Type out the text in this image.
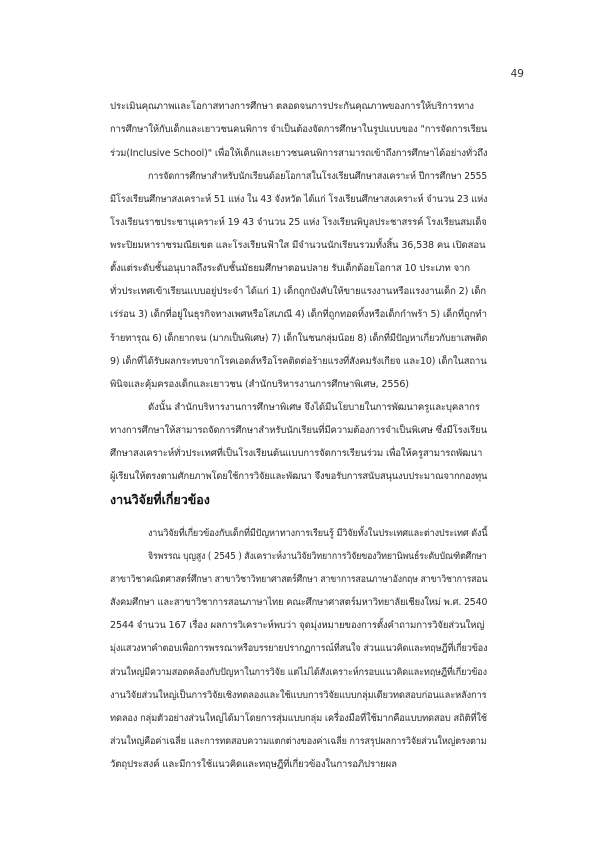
49
ประเมินคุณภาพและโอกาสทางการศึกษา ตลอดจนการประกันคุณภาพของการให้บริการทาง
การศึกษาให้กับเด็กและเยาวชนคนพิการ จำเป็นต้องจัดการศึกษาในรูปแบบของ "การจัดการเรียน
ร่วม(Inclusive School)" เพื่อให้เด็กและเยาวชนคนพิการสามารถเข้าถึงการศึกษาได้อย่างทั่วถึง
การจัดการศึกษาสำหรับนักเรียนด้อยโอกาสในโรงเรียนศึกษาสงเคราะห์ ปีการศึกษา 2555
มีโรงเรียนศึกษาสงเคราะห์ 51 แห่ง ใน 43 จังหวัด ได้แก่ โรงเรียนศึกษาสงเคราะห์ จำนวน 23 แห่ง
โรงเรียนราชประชานุเคราะห์ 19 43 จำนวน 25 แห่ง โรงเรียนพิบูลประชาสรรค์ โรงเรียนสมเด็จ
พระปิยมหาราชรมณียเขต และโรงเรียนฟ้าใส มีจำนวนนักเรียนรวมทั้งสิ้น 36,538 คน เปิดสอน
ตั้งแต่ระดับชั้นอนุบาลถึงระดับชั้นมัธยมศึกษาตอนปลาย รับเด็กด้อยโอกาส 10 ประเภท จาก
ทั่วประเทศเข้าเรียนแบบอยู่ประจำ ได้แก่ 1) เด็กถูกบังคับให้ขายแรงงานหรือแรงงานเด็ก 2) เด็ก
เร่ร่อน 3) เด็กที่อยู่ในธุรกิจทางเพศหรือโสเภณี 4) เด็กที่ถูกทอดทิ้งหรือเด็กกำพร้า 5) เด็กที่ถูกทำ
ร้ายทารุณ 6) เด็กยากจน (มากเป็นพิเศษ) 7) เด็กในชนกลุ่มน้อย 8) เด็กที่มีปัญหาเกี่ยวกับยาเสพติด
9) เด็กที่ได้รับผลกระทบจากโรคเอดส์หรือโรคติดต่อร้ายแรงที่สังคมรังเกียจ และ10) เด็กในสถาน
พินิจและคุ้มครองเด็กและเยาวชน (สำนักบริหารงานการศึกษาพิเศษ, 2556)
ดังนั้น สำนักบริหารงานการศึกษาพิเศษ จึงได้มีนโยบายในการพัฒนาครูและบุคลากร
ทางการศึกษาให้สามารถจัดการศึกษาสำหรับนักเรียนที่มีความต้องการจำเป็นพิเศษ ซึ่งมีโรงเรียน
ศึกษาสงเคราะห์ทั่วประเทศที่เป็นโรงเรียนต้นแบบการจัดการเรียนร่วม เพื่อให้ครูสามารถพัฒนา
ผู้เรียนให้ตรงตามศักยภาพโดยใช้การวิจัยและพัฒนา จึงขอรับการสนับสนุนงบประมาณจากกองทุน
งานวิจัยที่เกี่ยวข้อง
งานวิจัยที่เกี่ยวข้องกับเด็กที่มีปัญหาทางการเรียนรู้ มีวิจัยทั้งในประเทศและต่างประเทศ ดังนี้
จิรพรรณ บุญสูง ( 2545 ) สังเคราะห์งานวิจัยวิทยาการวิจัยของวิทยานิพนธ์ระดับบัณฑิตศึกษา
สาขาวิชาคณิตศาสตร์ศึกษา สาขาวิชาวิทยาศาสตร์ศึกษา สาขาการสอนภาษาอังกฤษ สาขาวิชาการสอน
สังคมศึกษา และสาขาวิชาการสอนภาษาไทย คณะศึกษาศาสตร์มหาวิทยาลัยเชียงใหม่ พ.ศ. 2540
2544 จำนวน 167 เรื่อง ผลการวิเคราะห์พบว่า จุดมุ่งหมายของการตั้งคำถามการวิจัยส่วนใหญ่
มุ่งแสวงหาคำตอบเพื่อการพรรณาหรือบรรยายปรากฏการณ์ที่สนใจ ส่วนแนวคิดและทฤษฎีที่เกี่ยวข้อง
ส่วนใหญ่มีความสอดคล้องกับปัญหาในการวิจัย แต่ไม่ได้สังเคราะห์กรอบแนวคิดและทฤษฎีที่เกี่ยวข้อง
งานวิจัยส่วนใหญ่เป็นการวิจัยเชิงทดลองและใช้แบบการวิจัยแบบกลุ่มเดียวทดสอบก่อนและหลังการ
ทดลอง กลุ่มตัวอย่างส่วนใหญ่ได้มาโดยการสุ่มแบบกลุ่ม เครื่องมือที่ใช้มากคือแบบทดสอบ สถิติที่ใช้
ส่วนใหญ่คือค่าเฉลี่ย และการทดสอบความแตกต่างของค่าเฉลี่ย การสรุปผลการวิจัยส่วนใหญ่ตรงตาม
วัตถุประสงค์ และมีการใช้แนวคิดและทฤษฎีที่เกี่ยวข้องในการอภิปรายผล
